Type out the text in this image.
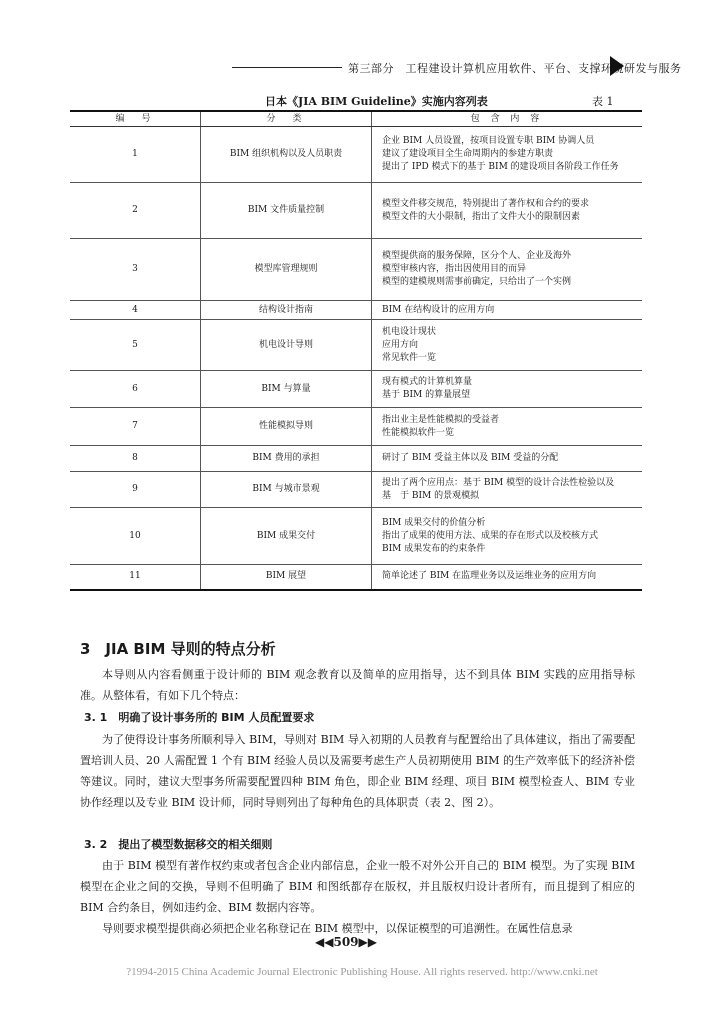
第三部分　工程建设计算机应用软件、平台、支撑环境研发与服务
日本《JIA BIM Guideline》实施内容列表	表 1
编　号	分　类	包 含 内 容
1	BIM 组织机构以及人员职责	企业 BIM 人员设置，按项目设置专职 BIM 协调人员
建议了建设项目全生命周期内的参建方职责
提出了 IPD 模式下的基于 BIM 的建设项目各阶段工作任务

2	BIM 文件质量控制	模型文件移交规范，特别提出了著作权和合约的要求
模型文件的大小限制，指出了文件大小的限制因素

3	模型库管理规则	模型提供商的服务保障，区分个人、企业及海外
模型审核内容，指出因使用目的而异
模型的建模规则需事前确定，只给出了一个实例

4	结构设计指南	BIM 在结构设计的应用方向

5	机电设计导则	机电设计现状
应用方向
常见软件一览

6	BIM 与算量	现有模式的计算机算量
基于 BIM 的算量展望

7	性能模拟导则	指出业主是性能模拟的受益者
性能模拟软件一览

8	BIM 费用的承担	研讨了 BIM 受益主体以及 BIM 受益的分配

9	BIM 与城市景观	提出了两个应用点：基于 BIM 模型的设计合法性检验以及
基　于 BIM 的景观模拟

10	BIM 成果交付	BIM 成果交付的价值分析
指出了成果的使用方法、成果的存在形式以及校核方式
BIM 成果发布的约束条件

11	BIM 展望	简单论述了 BIM 在监理业务以及运维业务的应用方向
3　JIA BIM 导则的特点分析

本导则从内容看侧重于设计师的 BIM 观念教育以及简单的应用指导，达不到具体 BIM 实践的应用指导标准。从整体看，有如下几个特点：

3. 1　明确了设计事务所的 BIM 人员配置要求

为了使得设计事务所顺利导入 BIM，导则对 BIM 导入初期的人员教育与配置给出了具体建议，指出了需要配置培训人员、20 人需配置 1 个有 BIM 经验人员以及需要考虑生产人员初期使用 BIM 的生产效率低下的经济补偿等建议。同时，建议大型事务所需要配置四种 BIM 角色，即企业 BIM 经理、项目 BIM 模型检查人、BIM 专业协作经理以及专业 BIM 设计师，同时导则列出了每种角色的具体职责（表 2、图 2）。

3. 2　提出了模型数据移交的相关细则

由于 BIM 模型有著作权约束或者包含企业内部信息，企业一般不对外公开自己的 BIM 模型。为了实现 BIM 模型在企业之间的交换，导则不但明确了 BIM 和图纸都存在版权，并且版权归设计者所有，而且提到了相应的 BIM 合约条目，例如违约金、BIM 数据内容等。

导则要求模型提供商必须把企业名称登记在 BIM 模型中，以保证模型的可追溯性。在属性信息录

◀◀509▶▶
?1994-2015 China Academic Journal Electronic Publishing House. All rights reserved. http://www.cnki.net
